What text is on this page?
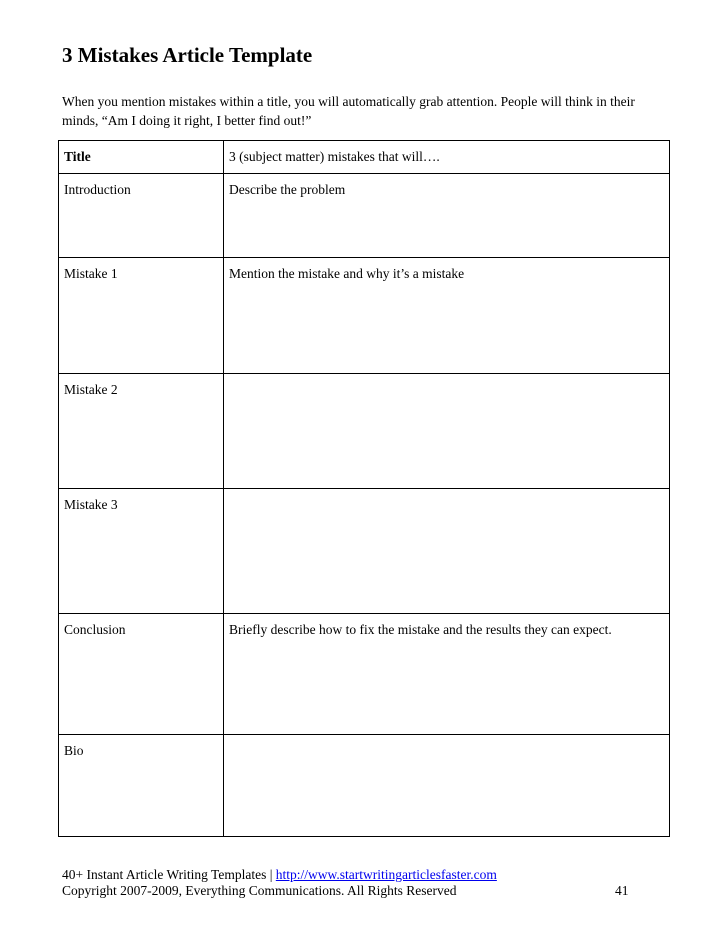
3 Mistakes Article Template
When you mention mistakes within a title, you will automatically grab attention. People will think in their minds, “Am I doing it right, I better find out!”
Title	3 (subject matter) mistakes that will….
Introduction	Describe the problem
Mistake 1	Mention the mistake and why it’s a mistake
Mistake 2	
Mistake 3	
Conclusion	Briefly describe how to fix the mistake and the results they can expect.
Bio	
40+ Instant Article Writing Templates | http://www.startwritingarticlesfaster.com
Copyright 2007-2009, Everything Communications. All Rights Reserved	41
